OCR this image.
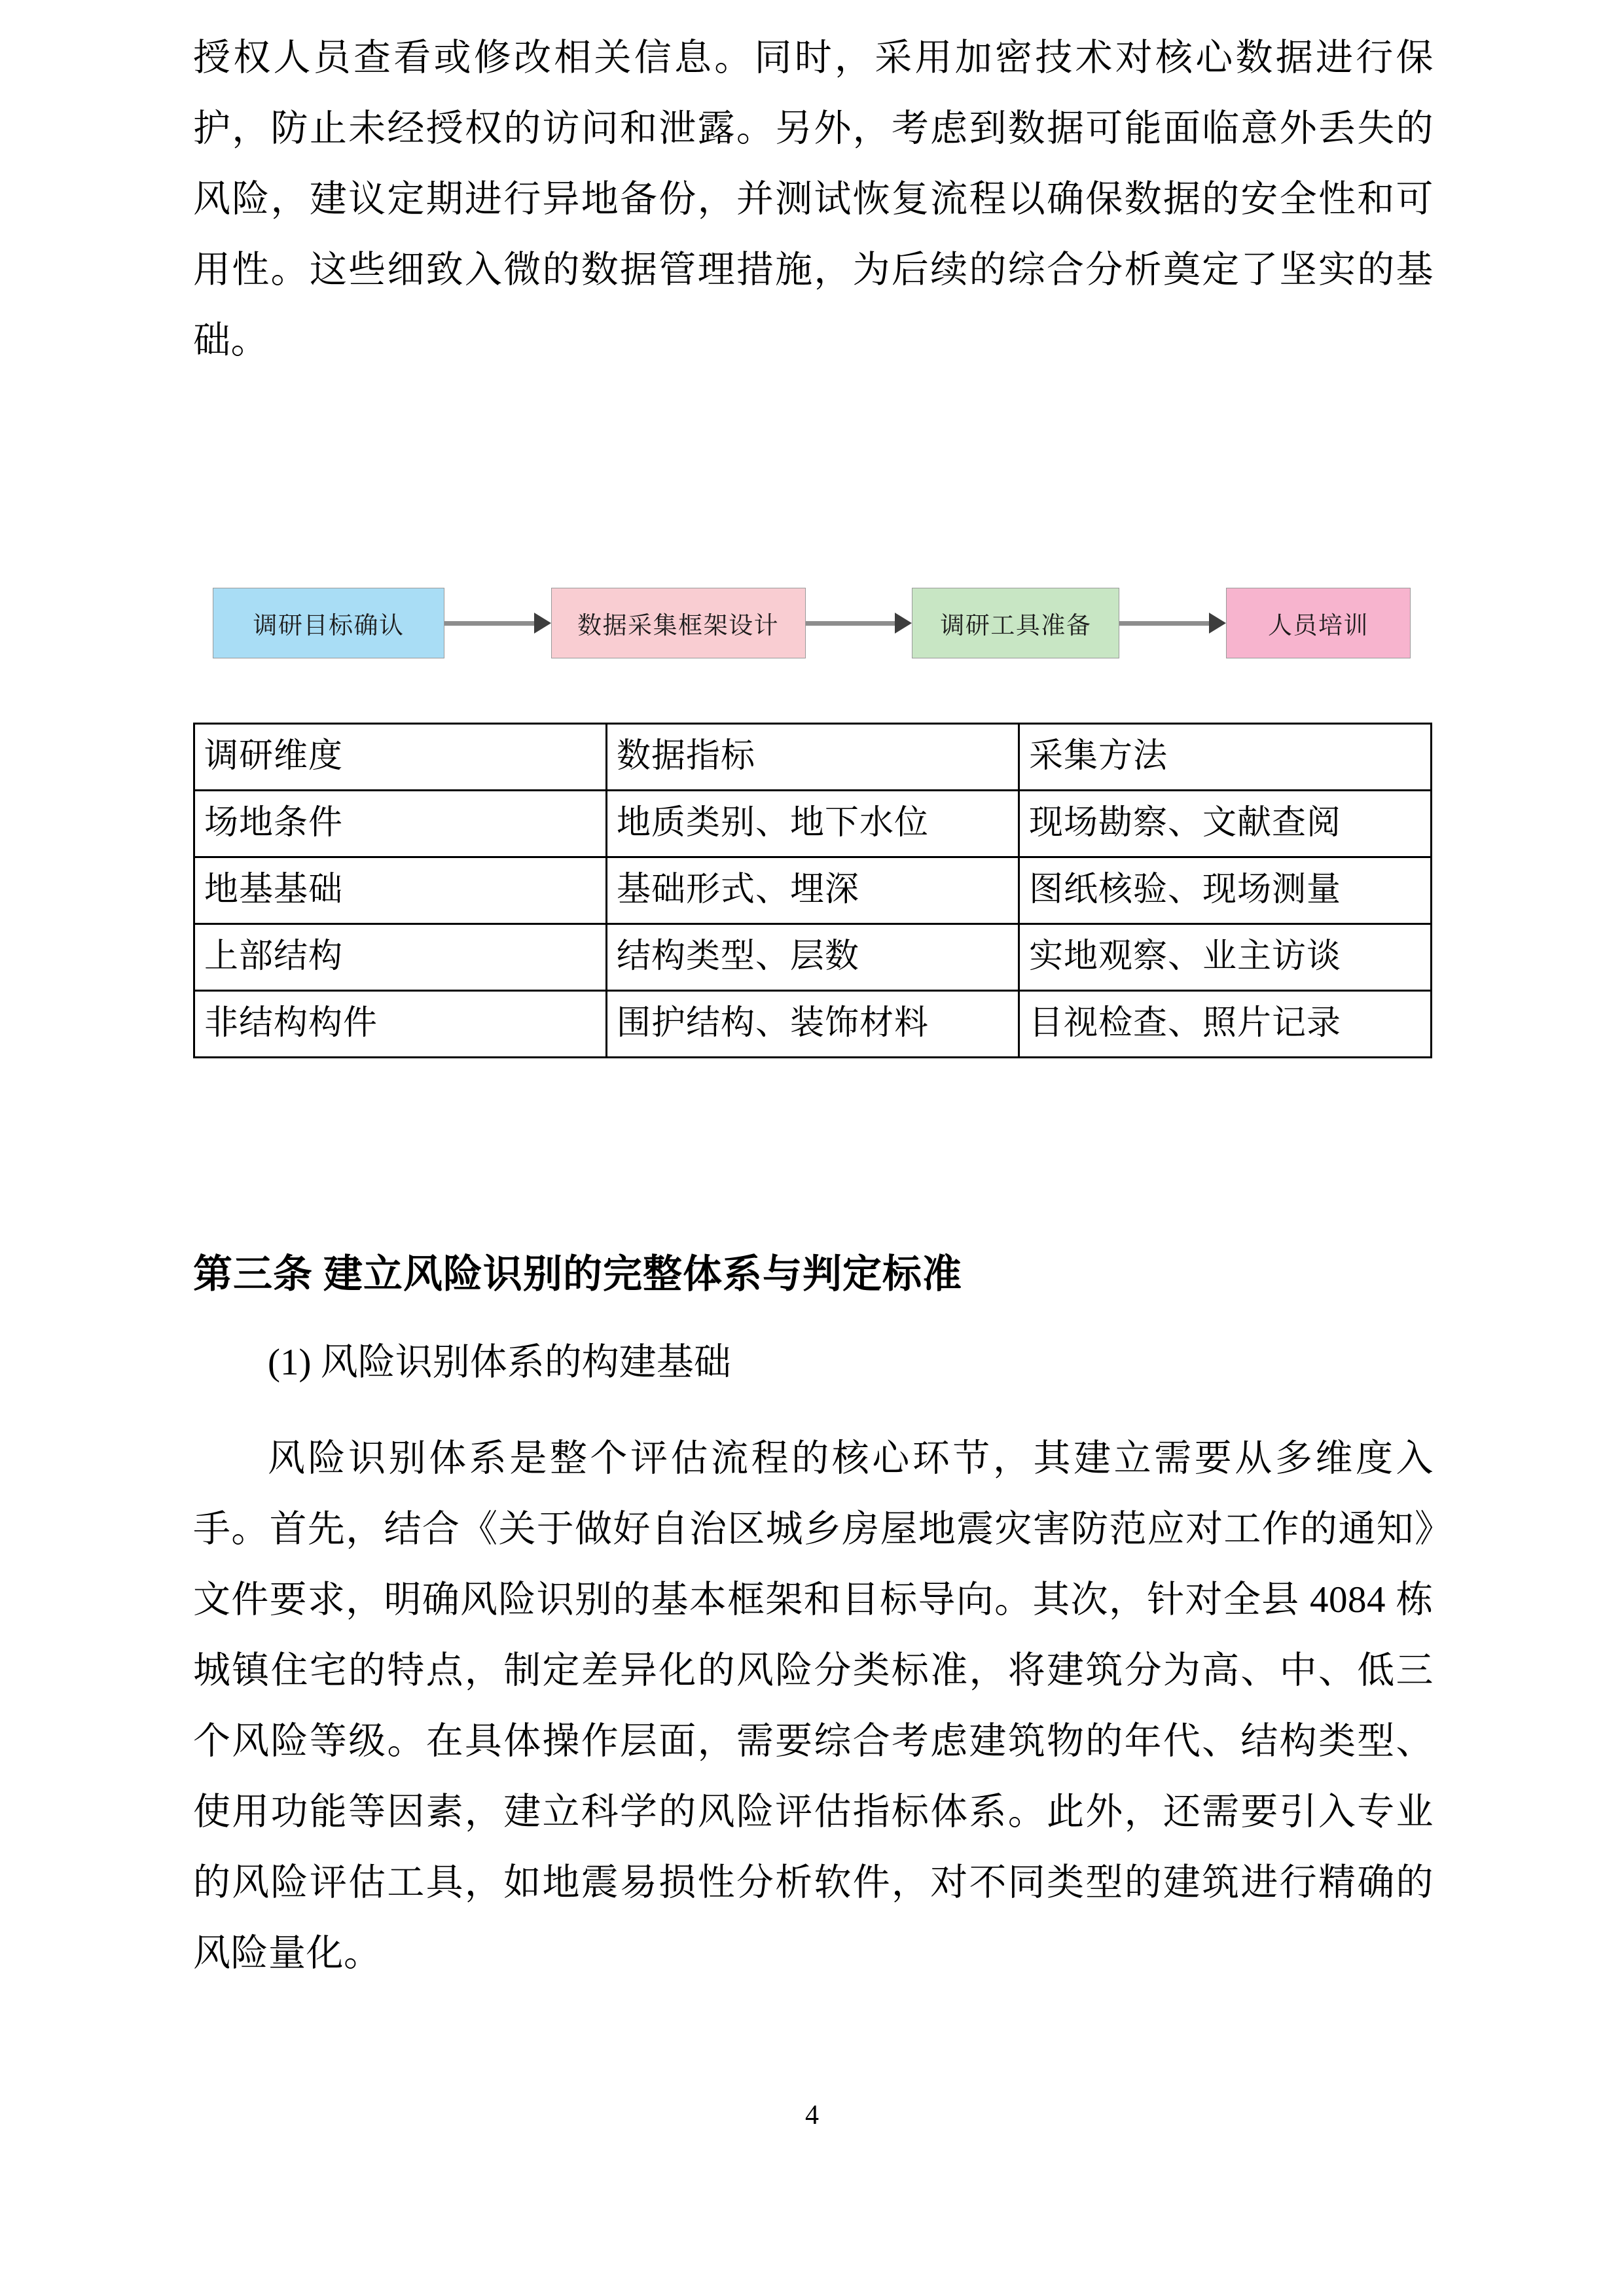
授权人员查看或修改相关信息。同时，采用加密技术对核心数据进行保护，防止未经授权的访问和泄露。另外，考虑到数据可能面临意外丢失的风险，建议定期进行异地备份，并测试恢复流程以确保数据的安全性和可用性。这些细致入微的数据管理措施，为后续的综合分析奠定了坚实的基础。

调研目标确认	数据采集框架设计	调研工具准备	人员培训
调研维度	数据指标	采集方法
场地条件	地质类别、地下水位	现场勘察、文献查阅
地基基础	基础形式、埋深	图纸核验、现场测量
上部结构	结构类型、层数	实地观察、业主访谈
非结构构件	围护结构、装饰材料	目视检查、照片记录
第三条 建立风险识别的完整体系与判定标准
(1) 风险识别体系的构建基础

风险识别体系是整个评估流程的核心环节，其建立需要从多维度入手。首先，结合《关于做好自治区城乡房屋地震灾害防范应对工作的通知》文件要求，明确风险识别的基本框架和目标导向。其次，针对全县 4084 栋城镇住宅的特点，制定差异化的风险分类标准，将建筑分为高、中、低三个风险等级。在具体操作层面，需要综合考虑建筑物的年代、结构类型、使用功能等因素，建立科学的风险评估指标体系。此外，还需要引入专业的风险评估工具，如地震易损性分析软件，对不同类型的建筑进行精确的风险量化。

4
